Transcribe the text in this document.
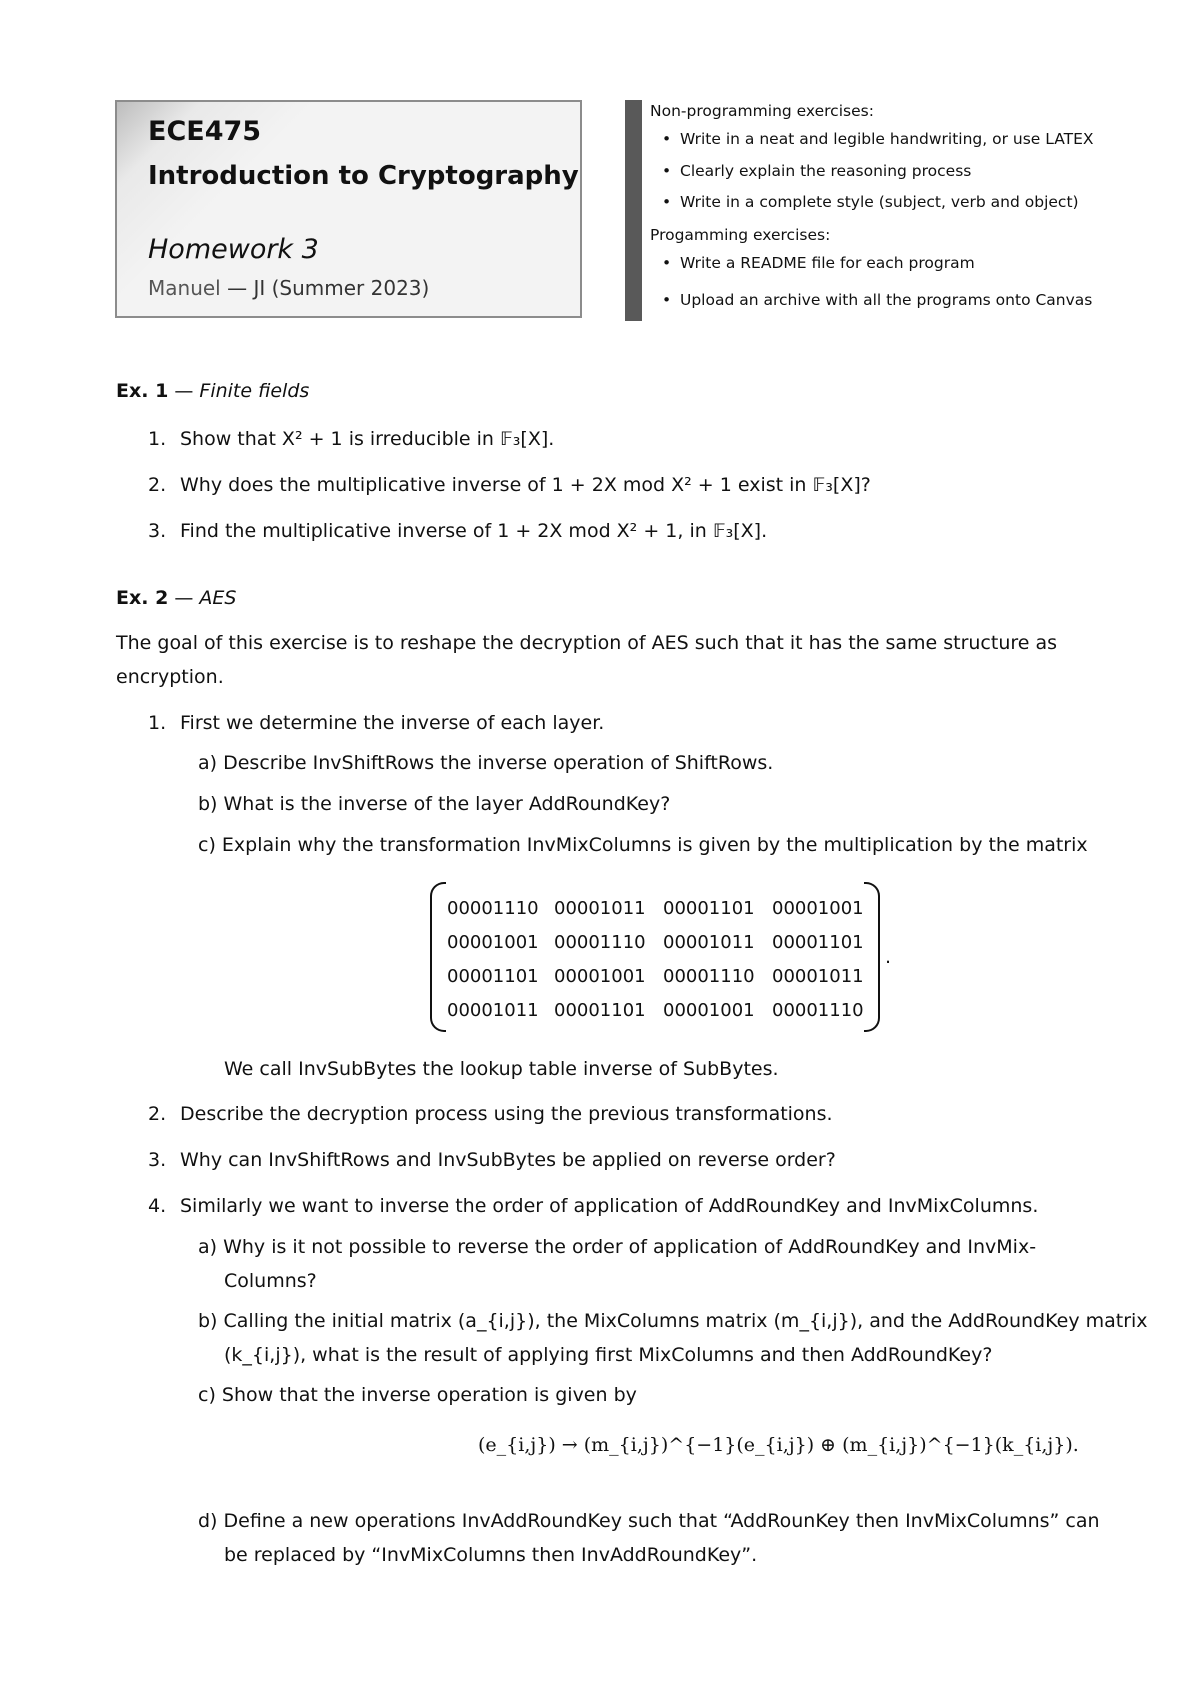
ECE475
Introduction to Cryptography
Homework 3
Manuel — JI (Summer 2023)
Non-programming exercises:
• Write in a neat and legible handwriting, or use LATEX
• Clearly explain the reasoning process
• Write in a complete style (subject, verb and object)
Progamming exercises:
• Write a README file for each program
• Upload an archive with all the programs onto Canvas
Ex. 1 — Finite fields
1. Show that X² + 1 is irreducible in 𝔽₃[X].
2. Why does the multiplicative inverse of 1 + 2X mod X² + 1 exist in 𝔽₃[X]?
3. Find the multiplicative inverse of 1 + 2X mod X² + 1, in 𝔽₃[X].
Ex. 2 — AES
The goal of this exercise is to reshape the decryption of AES such that it has the same structure as
encryption.
1. First we determine the inverse of each layer.
a) Describe InvShiftRows the inverse operation of ShiftRows.
b) What is the inverse of the layer AddRoundKey?
c) Explain why the transformation InvMixColumns is given by the multiplication by the matrix
00001110 00001011 00001101 00001001
00001001 00001110 00001011 00001101
00001101 00001001 00001110 00001011
00001011 00001101 00001001 00001110
.
We call InvSubBytes the lookup table inverse of SubBytes.
2. Describe the decryption process using the previous transformations.
3. Why can InvShiftRows and InvSubBytes be applied on reverse order?
4. Similarly we want to inverse the order of application of AddRoundKey and InvMixColumns.
a) Why is it not possible to reverse the order of application of AddRoundKey and InvMix-
Columns?
b) Calling the initial matrix (a_{i,j}), the MixColumns matrix (m_{i,j}), and the AddRoundKey matrix
(k_{i,j}), what is the result of applying first MixColumns and then AddRoundKey?
c) Show that the inverse operation is given by
(e_{i,j}) → (m_{i,j})^{−1}(e_{i,j}) ⊕ (m_{i,j})^{−1}(k_{i,j}).
d) Define a new operations InvAddRoundKey such that “AddRounKey then InvMixColumns” can
be replaced by “InvMixColumns then InvAddRoundKey”.
